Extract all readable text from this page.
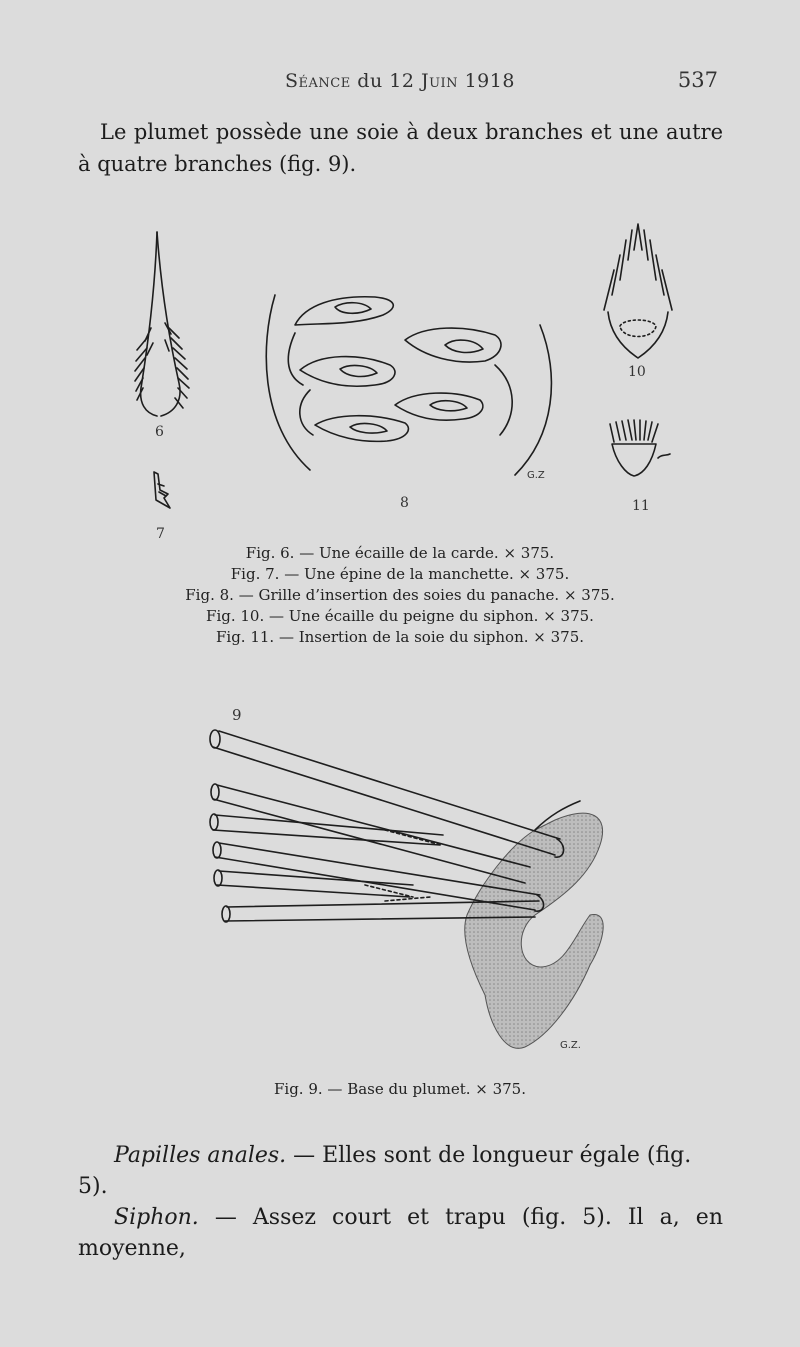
Séance du 12 Juin 1918	537
Le plumet possède une soie à deux branches et une autre à quatre branches (fig. 9).
6
7
G.Z
8
10
11
Fig. 6. — Une écaille de la carde. × 375.
Fig. 7. — Une épine de la manchette. × 375.
Fig. 8. — Grille d’insertion des soies du panache. × 375.
Fig. 10. — Une écaille du peigne du siphon. × 375.
Fig. 11. — Insertion de la soie du siphon. × 375.
9
G.Z.
Fig. 9. — Base du plumet. × 375.

Papilles anales. — Elles sont de longueur égale (fig. 5).

Siphon. — Assez court et trapu (fig. 5). Il a, en moyenne,
